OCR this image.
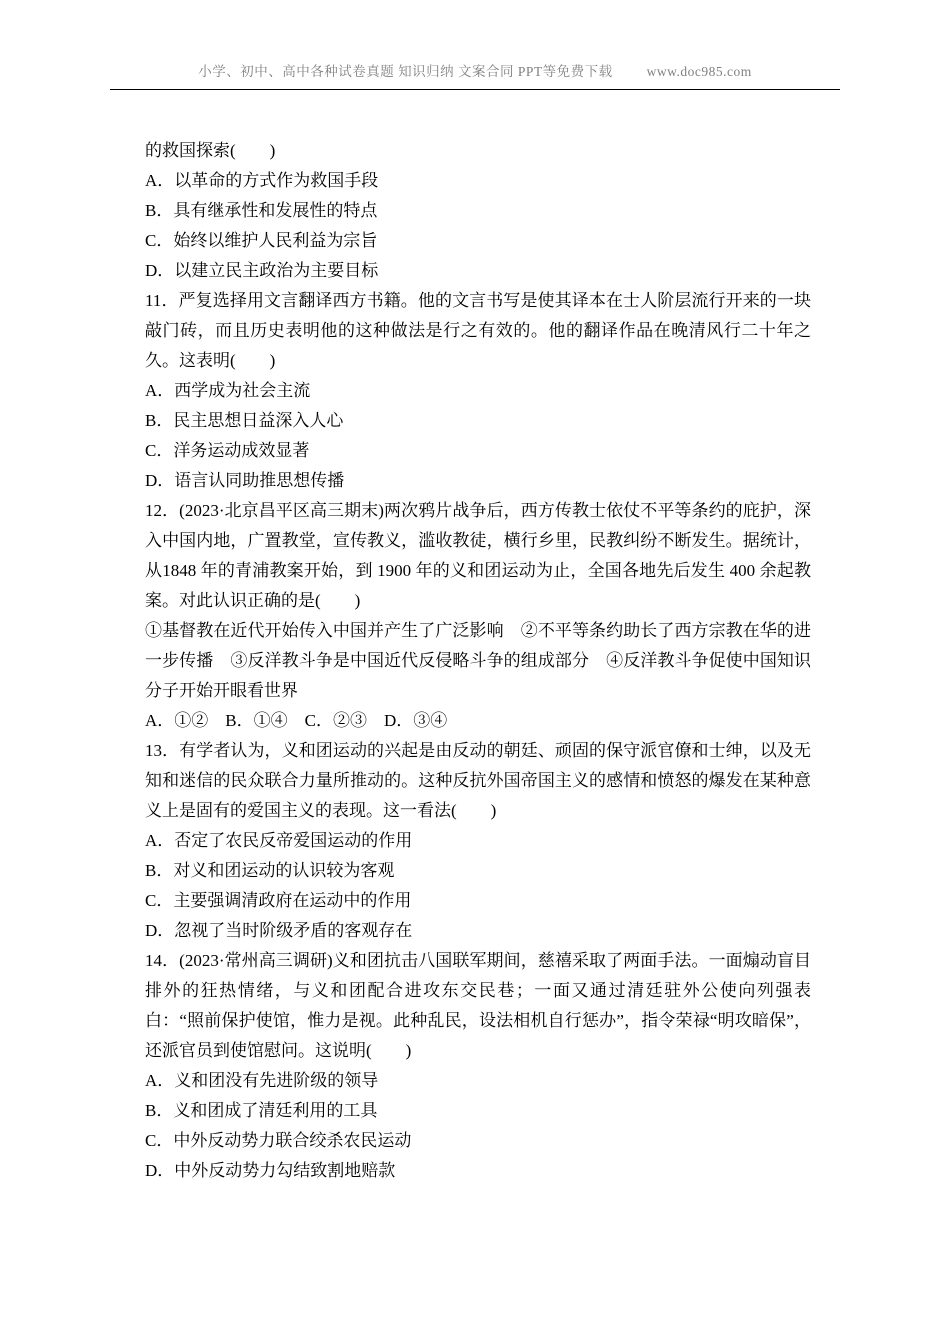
小学、初中、高中各种试卷真题 知识归纳 文案合同 PPT等免费下载	www.doc985.com

的救国探索(　　)

A．以革命的方式作为救国手段

B．具有继承性和发展性的特点

C．始终以维护人民利益为宗旨

D．以建立民主政治为主要目标

11．严复选择用文言翻译西方书籍。他的文言书写是使其译本在士人阶层流行开来的一块敲门砖，而且历史表明他的这种做法是行之有效的。他的翻译作品在晚清风行二十年之久。这表明(　　)

A．西学成为社会主流

B．民主思想日益深入人心

C．洋务运动成效显著

D．语言认同助推思想传播

12．(2023·北京昌平区高三期末)两次鸦片战争后，西方传教士依仗不平等条约的庇护，深入中国内地，广置教堂，宣传教义，滥收教徒，横行乡里，民教纠纷不断发生。据统计，从1848 年的青浦教案开始，到 1900 年的义和团运动为止，全国各地先后发生 400 余起教案。对此认识正确的是(　　)

①基督教在近代开始传入中国并产生了广泛影响　②不平等条约助长了西方宗教在华的进一步传播　③反洋教斗争是中国近代反侵略斗争的组成部分　④反洋教斗争促使中国知识分子开始开眼看世界

A．①②　B．①④　C．②③　D．③④

13．有学者认为，义和团运动的兴起是由反动的朝廷、顽固的保守派官僚和士绅，以及无知和迷信的民众联合力量所推动的。这种反抗外国帝国主义的感情和愤怒的爆发在某种意义上是固有的爱国主义的表现。这一看法(　　)

A．否定了农民反帝爱国运动的作用

B．对义和团运动的认识较为客观

C．主要强调清政府在运动中的作用

D．忽视了当时阶级矛盾的客观存在

14．(2023·常州高三调研)义和团抗击八国联军期间，慈禧采取了两面手法。一面煽动盲目排外的狂热情绪，与义和团配合进攻东交民巷；一面又通过清廷驻外公使向列强表白：“照前保护使馆，惟力是视。此种乱民，设法相机自行惩办”，指令荣禄“明攻暗保”，还派官员到使馆慰问。这说明(　　)

A．义和团没有先进阶级的领导

B．义和团成了清廷利用的工具

C．中外反动势力联合绞杀农民运动

D．中外反动势力勾结致割地赔款
